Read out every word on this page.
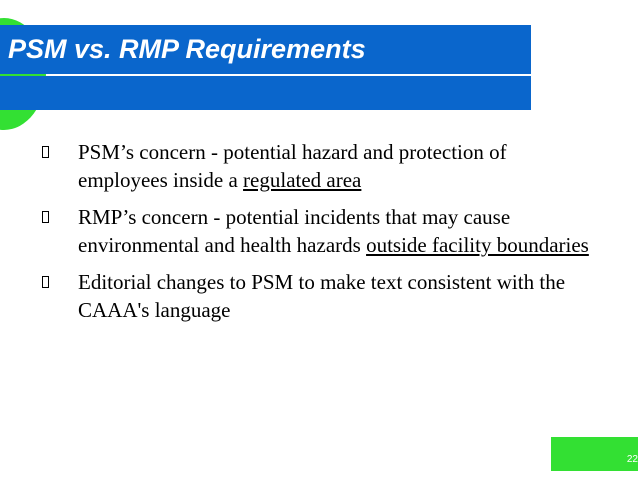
PSM vs. RMP Requirements
PSM’s concern - potential hazard and protection of employees inside a regulated area
RMP’s concern - potential incidents that may cause environmental and health hazards outside facility boundaries
Editorial changes to PSM to make text consistent with the CAAA's language
22
